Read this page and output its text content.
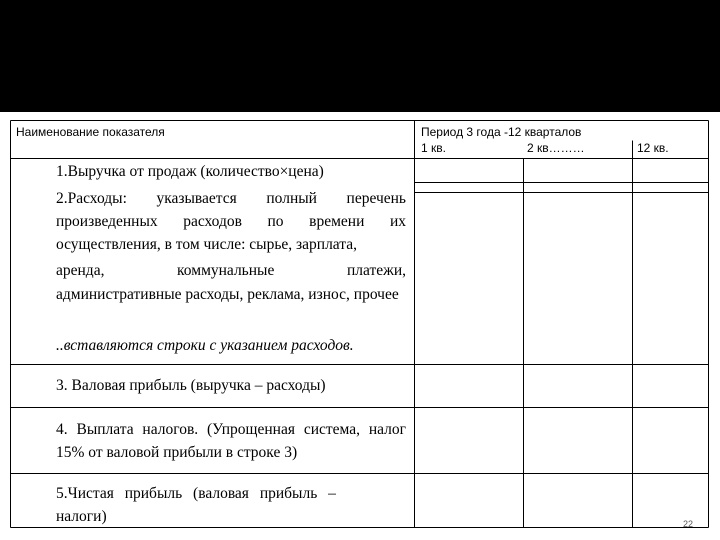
Наименование показателя	Период 3 года -12 кварталов
1 кв.	2 кв………	12 кв.
1.Выручка от продаж (количество×цена)
2.Расходы: указывается полный перечень произведенных расходов по времени их осуществления, в том числе: сырье, зарплата,
аренда, коммунальные платежи,
административные расходы, реклама, износ, прочее
..вставляются строки с указанием расходов.
3. Валовая прибыль (выручка – расходы)
4. Выплата налогов. (Упрощенная система, налог 15% от валовой прибыли в строке 3)
5.Чистая прибыль (валовая прибыль – налоги)	22
